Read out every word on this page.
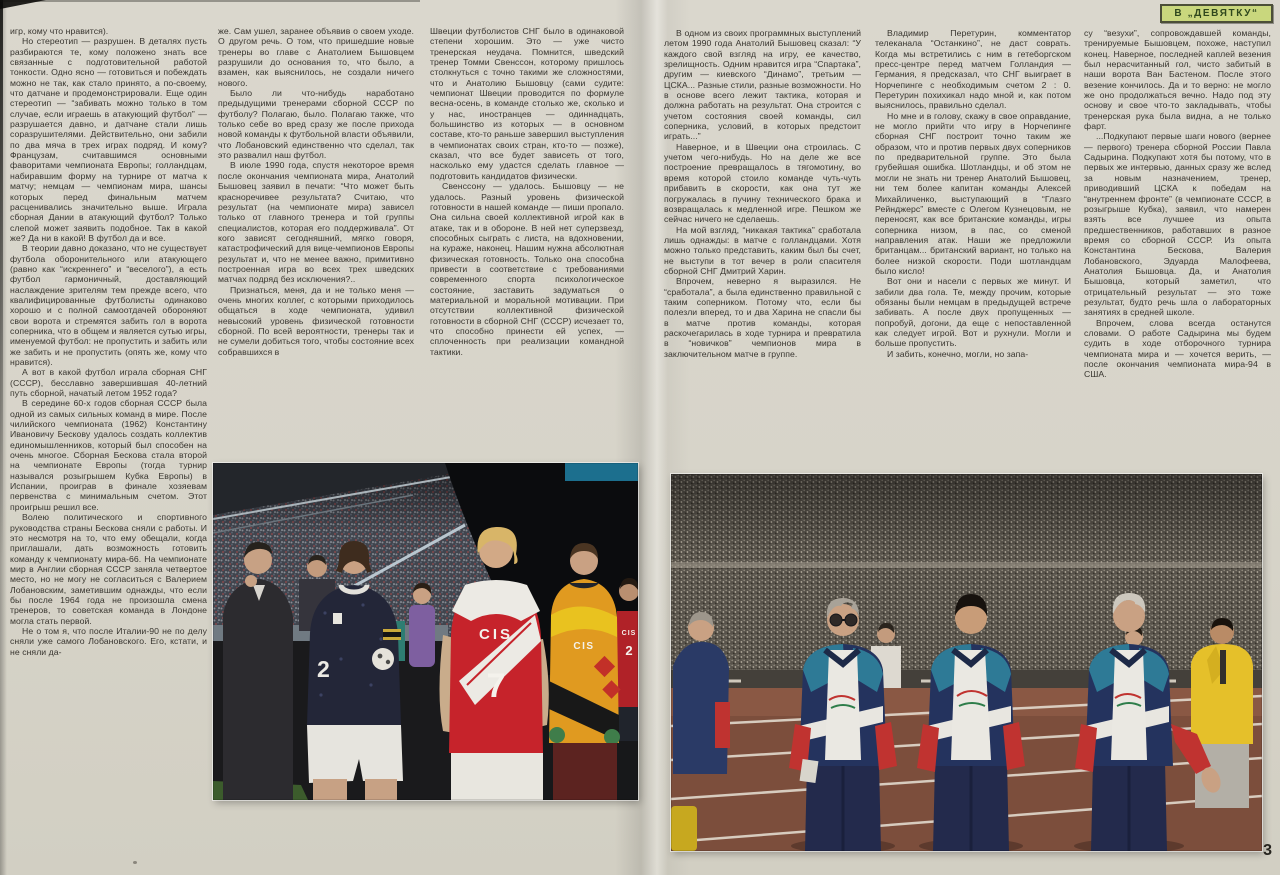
В „ДЕВЯТКУ“

игр, кому что нравится).

Но стереотип — разрушен. В деталях пусть разбираются те, кому положено знать все связанные с подготовительной работой тонкости. Одно ясно — готовиться и побеждать можно не так, как стало принято, а по-своему, что датчане и продемонстрировали. Еще один стереотип — “забивать можно только в том случае, если играешь в атакующий футбол” — разрушается давно, и датчане стали лишь соразрушителями. Действительно, они забили по два мяча в трех играх подряд. И кому? Французам, считавшимся основными фаворитами чемпионата Европы; голландцам, набиравшим форму на турнире от матча к матчу; немцам — чемпионам мира, шансы которых перед финальным матчем расценивались значительно выше. Играла сборная Дании в атакующий футбол? Только слепой может заявить подобное. Так в какой же? Да ни в какой! В футбол да и все.

В теории давно доказано, что не существует футбола оборонительного или атакующего (равно как “искреннего” и “веселого”), а есть футбол гармоничный, доставляющий наслаждение зрителям тем прежде всего, что квалифицированные футболисты одинаково хорошо и с полной самоотдачей обороняют свои ворота и стремятся забить гол в ворота соперника, что в общем и является сутью игры, именуемой футбол: не пропустить и забить или же забить и не пропустить (опять же, кому что нравится).

А вот в какой футбол играла сборная СНГ (СССР), бесславно завершившая 40-летний путь сборной, начатый летом 1952 года?

В середине 60-х годов сборная СССР была одной из самых сильных команд в мире. После чилийского чемпионата (1962) Константину Ивановичу Бескову удалось создать коллектив единомышленников, который был способен на очень многое. Сборная Бескова стала второй на чемпионате Европы (тогда турнир назывался розыгрышем Кубка Европы) в Испании, проиграв в финале хозяевам первенства с минимальным счетом. Этот проигрыш решил все.

Волею политического и спортивного руководства страны Бескова сняли с работы. И это несмотря на то, что ему обещали, когда приглашали, дать возможность готовить команду к чемпионату мира-66. На чемпионате мир в Англии сборная СССР заняла четвертое место, но не могу не согласиться с Валерием Лобановским, заметившим однажды, что если бы после 1964 года не произошла смена тренеров, то советская команда в Лондоне могла стать первой.

Не о том я, что после Италии-90 не по делу сняли уже самого Лобановского. Его, кстати, и не сняли да-

же. Сам ушел, заранее объявив о своем уходе. О другом речь. О том, что пришедшие новые тренеры во главе с Анатолием Бышовцем разрушили до основания то, что было, а взамен, как выяснилось, не создали ничего нового.

Было ли что-нибудь наработано предыдущими тренерами сборной СССР по футболу? Полагаю, было. Полагаю также, что только себе во вред сразу же после прихода новой команды к футбольной власти объявили, что Лобановский единственно что сделал, так это развалил наш футбол.

В июле 1990 года, спустя некоторое время после окончания чемпионата мира, Анатолий Бышовец заявил в печати: “Что может быть красноречивее результата? Считаю, что результат (на чемпионате мира) зависел только от главного тренера и той группы специалистов, которая его поддерживала”. От кого зависят сегодняшний, мягко говоря, катастрофический для вице-чемпионов Европы результат и, что не менее важно, примитивно построенная игра во всех трех шведских матчах подряд без исключения?..

Признаться, меня, да и не только меня — очень многих коллег, с которыми приходилось общаться в ходе чемпионата, удивил невысокий уровень физической готовности сборной. По всей вероятности, тренеры так и не сумели добиться того, чтобы состояние всех собравшихся в

Швеции футболистов СНГ было в одинаковой степени хорошим. Это — уже чисто тренерская неудача. Помнится, шведский тренер Томми Свенссон, которому пришлось столкнуться с точно такими же сложностями, что и Анатолию Бышовцу (сами судите: чемпионат Швеции проводится по формуле весна-осень, в команде столько же, сколько и у нас, иностранцев — одиннадцать, большинство из которых — в основном составе, кто-то раньше завершил выступления в чемпионатах своих стран, кто-то — позже), сказал, что все будет зависеть от того, насколько ему удастся сделать главное — подготовить кандидатов физически.

Свенссону — удалось. Бышовцу — не удалось. Разный уровень физической готовности в нашей команде — пиши пропало. Она сильна своей коллективной игрой как в атаке, так и в обороне. В ней нет суперзвезд, способных сыграть с листа, на вдохновении, на кураже, наконец. Нашим нужна абсолютная физическая готовность. Только она способна привести в соответствие с требованиями современного спорта психологическое состояние, заставить задуматься о материальной и моральной мотивации. При отсутствии коллективной физической готовности в сборной СНГ (СССР) исчезает то, что способно принести ей успех, — сплоченность при реализации командной тактики.

В одном из своих программных выступлений летом 1990 года Анатолий Бышовец сказал: “У каждого свой взгляд на игру, ее качество, зрелищность. Одним нравится игра “Спартака”, другим — киевского “Динамо”, третьим — ЦСКА... Разные стили, разные возможности. Но в основе всего лежит тактика, которая и должна работать на результат. Она строится с учетом состояния своей команды, сил соперника, условий, в которых предстоит играть...”

Наверное, и в Швеции она строилась. С учетом чего-нибудь. Но на деле же все построение превращалось в тягомотину, во время которой стоило команде чуть-чуть прибавить в скорости, как она тут же погружалась в пучину технического брака и возвращалась к медленной игре. Пешком же сейчас ничего не сделаешь.

На мой взгляд, “никакая тактика” сработала лишь однажды: в матче с голландцами. Хотя можно только представить, каким был бы счет, не выступи в тот вечер в роли спасителя сборной СНГ Дмитрий Харин.

Впрочем, неверно я выразился. Не “сработала”, а была единственно правильной с таким соперником. Потому что, если бы полезли вперед, то и два Харина не спасли бы в матче против команды, которая раскочегарилась в ходе турнира и превратила в “новичков” чемпионов мира в заключительном матче в группе.

Владимир Перетурин, комментатор телеканала “Останкино”, не даст соврать. Когда мы встретились с ним в гетеборгском пресс-центре перед матчем Голландия — Германия, я предсказал, что СНГ выиграет в Норчепинге с необходимым счетом 2 : 0. Перетурин похихикал надо мной и, как потом выяснилось, правильно сделал.

Но мне и в голову, скажу в свое оправдание, не могло прийти что игру в Норчепинге сборная СНГ построит точно таким же образом, что и против первых двух соперников по предварительной группе. Это была грубейшая ошибка. Шотландцы, и об этом не могли не знать ни тренер Анатолий Бышовец, ни тем более капитан команды Алексей Михайличенко, выступающий в “Глазго Рейнджерс” вместе с Олегом Кузнецовым, не переносят, как все британские команды, игры соперника низом, в пас, со сменой направления атак. Наши же предложили британцам... британский вариант, но только на более низкой скорости. Поди шотландцам было кисло!

Вот они и насели с первых же минут. И забили два гола. Те, между прочим, которые обязаны были немцам в предыдущей встрече забивать. А после двух пропущенных — попробуй, догони, да еще с непоставленной как следует игрой. Вот и рухнули. Могли и больше пропустить.

И забить, конечно, могли, но запа-

су “везухи”, сопровождавшей команды, тренируемые Бышовцем, похоже, наступил конец. Наверное, последней каплей везения был нерасчитанный гол, чисто забитый в наши ворота Ван Бастеном. После этого везение кончилось. Да и то верно: не могло же оно продолжаться вечно. Надо под эту основу и свое что-то закладывать, чтобы тренерская рука была видна, а не только фарт.

...Подкупают первые шаги нового (вернее — первого) тренера сборной России Павла Садырина. Подкупают хотя бы потому, что в первых же интервью, данных сразу же вслед за новым назначением, тренер, приводивший ЦСКА к победам на “внутреннем фронте” (в чемпионате СССР, в розыгрыше Кубка), заявил, что намерен взять все лучшее из опыта предшественников, работавших в разное время со сборной СССР. Из опыта Константина Бескова, Валерия Лобановского, Эдуарда Малофеева, Анатолия Бышовца. Да, и Анатолия Бышовца, который заметил, что отрицательный результат — это тоже результат, будто речь шла о лабораторных занятиях в средней школе.

Впрочем, слова всегда останутся словами. О работе Садырина мы будем судить в ходе отборочного турнира чемпионата мира и — хочется верить, — после окончания чемпионата мира-94 в США.

2
CIS
7
CIS
2
CIS
3
